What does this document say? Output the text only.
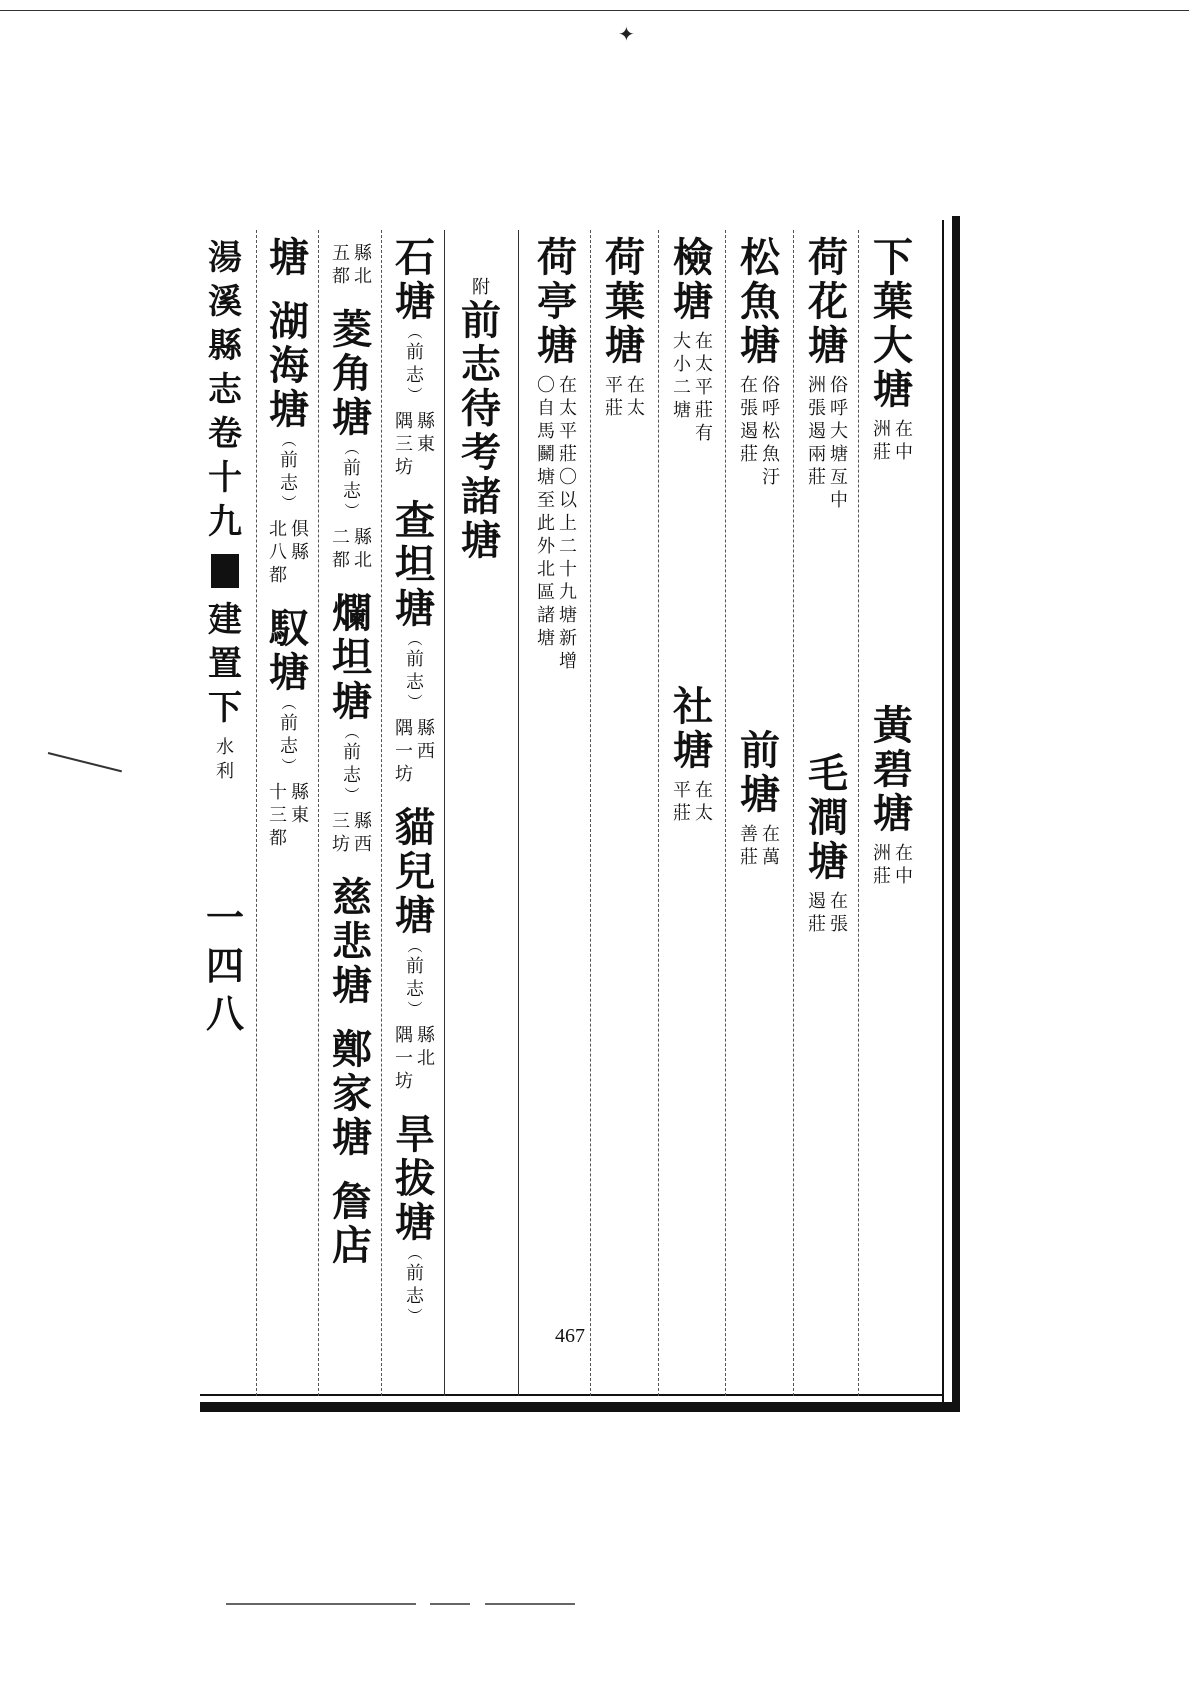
✦
湯
溪
縣
志
卷
十
九
建
置
下
水
利
一
四
八
下
葉
大
塘
在
中
洲
莊
黃
碧
塘
在
中
洲
莊
荷
花
塘
俗
呼
大
塘
亙
中
洲
張
遏
兩
莊
毛
澗
塘
在
張
遏
莊
松
魚
塘
俗
呼
松
魚
汙
在
張
遏
莊
前
塘
在
萬
善
莊
檢
塘
在
太
平
莊
有
大
小
二
塘
社
塘
在
太
平
莊
荷
葉
塘
在
太
平
莊
荷
亭
塘
在
太
平
莊
〇
以
上
二
十
九
塘
新
增
〇
自
馬
鬭
塘
至
此
外
北
區
諸
塘
附
前
志
待
考
諸
塘
石
塘
︵
前
志
︶
縣
東
隅
三
坊
查
坦
塘
︵
前
志
︶
縣
西
隅
一
坊
貓
兒
塘
︵
前
志
︶
縣
北
隅
一
坊
旱
拔
塘
︵
前
志
︶
縣
北
五
都
菱
角
塘
︵
前
志
︶
縣
北
二
都
爛
坦
塘
︵
前
志
︶
縣
西
三
坊
慈
悲
塘
鄭
家
塘
詹
店
塘
湖
海
塘
︵
前
志
︶
俱
縣
北
八
都
馭
塘
︵
前
志
︶
縣
東
十
三
都
467
